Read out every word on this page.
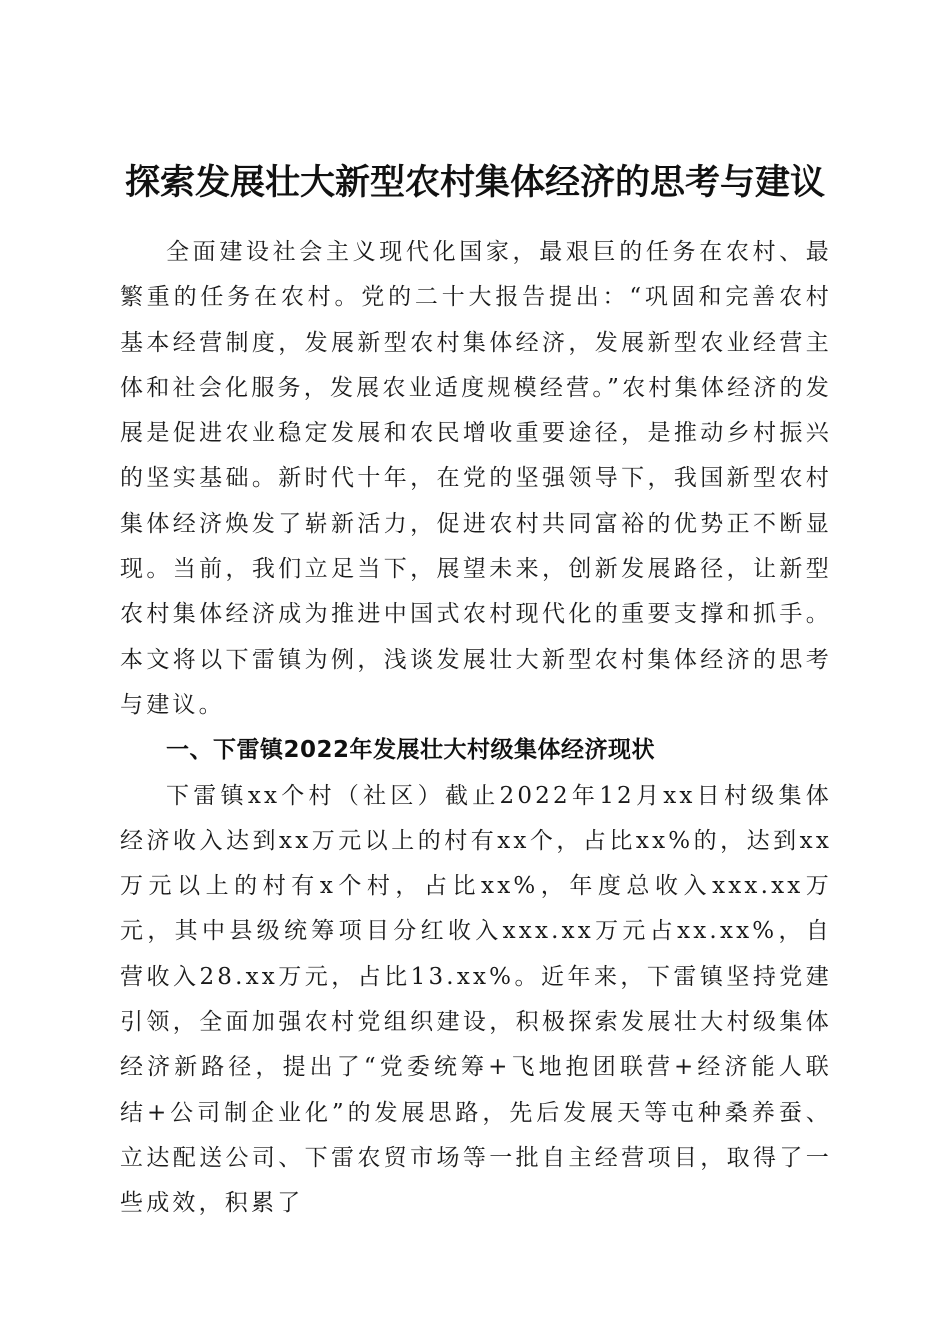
探索发展壮大新型农村集体经济的思考与建议

全面建设社会主义现代化国家，最艰巨的任务在农村、最繁重的任务在农村。党的二十大报告提出：“巩固和完善农村基本经营制度，发展新型农村集体经济，发展新型农业经营主体和社会化服务，发展农业适度规模经营。”农村集体经济的发展是促进农业稳定发展和农民增收重要途径，是推动乡村振兴的坚实基础。新时代十年，在党的坚强领导下，我国新型农村集体经济焕发了崭新活力，促进农村共同富裕的优势正不断显现。当前，我们立足当下，展望未来，创新发展路径，让新型农村集体经济成为推进中国式农村现代化的重要支撑和抓手。本文将以下雷镇为例，浅谈发展壮大新型农村集体经济的思考与建议。

一、下雷镇2022年发展壮大村级集体经济现状

下雷镇xx个村（社区）截止2022年12月xx日村级集体经济收入达到xx万元以上的村有xx个，占比xx%的，达到xx万元以上的村有x个村，占比xx%，年度总收入xxx.xx万元，其中县级统筹项目分红收入xxx.xx万元占xx.xx%，自营收入28.xx万元，占比13.xx%。近年来，下雷镇坚持党建引领，全面加强农村党组织建设，积极探索发展壮大村级集体经济新路径，提出了“党委统筹+飞地抱团联营+经济能人联结+公司制企业化”的发展思路，先后发展天等屯种桑养蚕、立达配送公司、下雷农贸市场等一批自主经营项目，取得了一些成效，积累了
